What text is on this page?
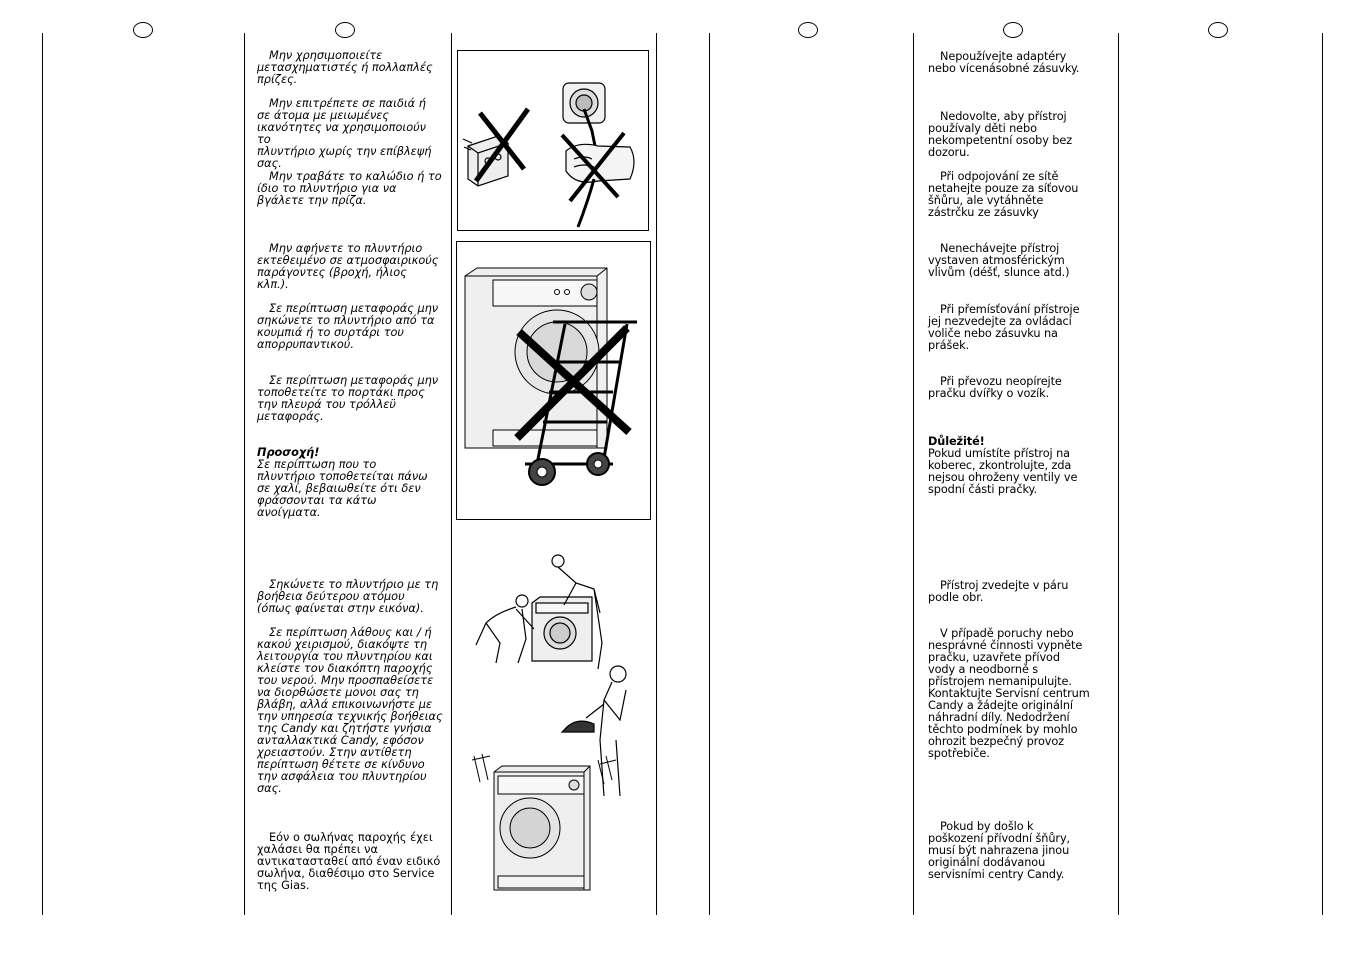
Μην χρησιμοποιείτε
μετασχηματιστές ή πολλαπλές
πρίζες.

Μην επιτρέπετε σε παιδιά ή
σε άτομα με μειωμένες
ικανότητες να χρησιμοποιούν το
πλυντήριο χωρίς την επίβλεψή
σας.

Μην τραβάτε το καλώδιο ή το
ίδιο το πλυντήριο για να
βγάλετε την πρίζα.

Μην αφήνετε το πλυντήριο
εκτεθειμένο σε ατμοσφαιρικούς
παράγοντες (βροχή, ήλιος
κλπ.).

Σε περίπτωση μεταφοράς μην
σηκώνετε το πλυντήριο από τα
κουμπιά ή το συρτάρι του
απορρυπαντικού.

Σε περίπτωση μεταφοράς μην
τοποθετείτε το πορτάκι προς
την πλευρά του τρόλλεϋ
μεταφοράς.

Προσοχή!

Σε περίπτωση που το
πλυντήριο τοποθετείται πάνω
σε χαλί, βεβαιωθείτε ότι δεν
φράσσονται τα κάτω ανοίγματα.

Σηκώνετε το πλυντήριο με τη
βοήθεια δεύτερου ατόμου
(όπως φαίνεται στην εικόνα).

Σε περίπτωση λάθους και / ή
κακού χειρισμού, διακόψτε τη
λειτουργία του πλυντηρίου και
κλείστε τον διακόπτη παροχής
του νερού. Μην προσπαθείσετε
να διορθώσετε μονοι σας τη
βλάβη, αλλά επικοινωνήστε με
την υπηρεσία τεχνικής βοήθειας
της Candy και ζητήστε γνήσια
ανταλλακτικά Candy, εφόσον
χρειαστούν. Στην αντίθετη
περίπτωση θέτετε σε κίνδυνο
την ασφάλεια του πλυντηρίου
σας.

Εόν ο σωλήνας παροχής έχει
χαλάσει θα πρέπει να
αντικατασταθεί από έναν ειδικό
σωλήνα, διαθέσιμο στο Service
της Gias.

Nepoužívejte adaptéry
nebo vícenásobné zásuvky.

Nedovolte, aby přístroj
používaly děti nebo
nekompetentní osoby bez
dozoru.

Při odpojování ze sítě
netahejte pouze za síťovou
šňůru, ale vytáhněte
zástrčku ze zásuvky

Nenechávejte přístroj
vystaven atmosférickým
vlivům (déšť, slunce atd.)

Při přemísťování přístroje
jej nezvedejte za ovládací
voliče nebo zásuvku na
prášek.

Při převozu neopírejte
pračku dvířky o vozík.

Důležité!

Pokud umístíte přístroj na
koberec, zkontrolujte, zda
nejsou ohroženy ventily ve
spodní části pračky.

Přístroj zvedejte v páru
podle obr.

V případě poruchy nebo
nesprávné činnosti vypněte
pračku, uzavřete přívod
vody a neodborně s
přístrojem nemanipulujte.
Kontaktujte Servisní centrum
Candy a žádejte originální
náhradní díly. Nedodržení
těchto podmínek by mohlo
ohrozit bezpečný provoz
spotřebiče.

Pokud by došlo k
poškození přívodní šňůry,
musí být nahrazena jinou
originální dodávanou
servisními centry Candy.
